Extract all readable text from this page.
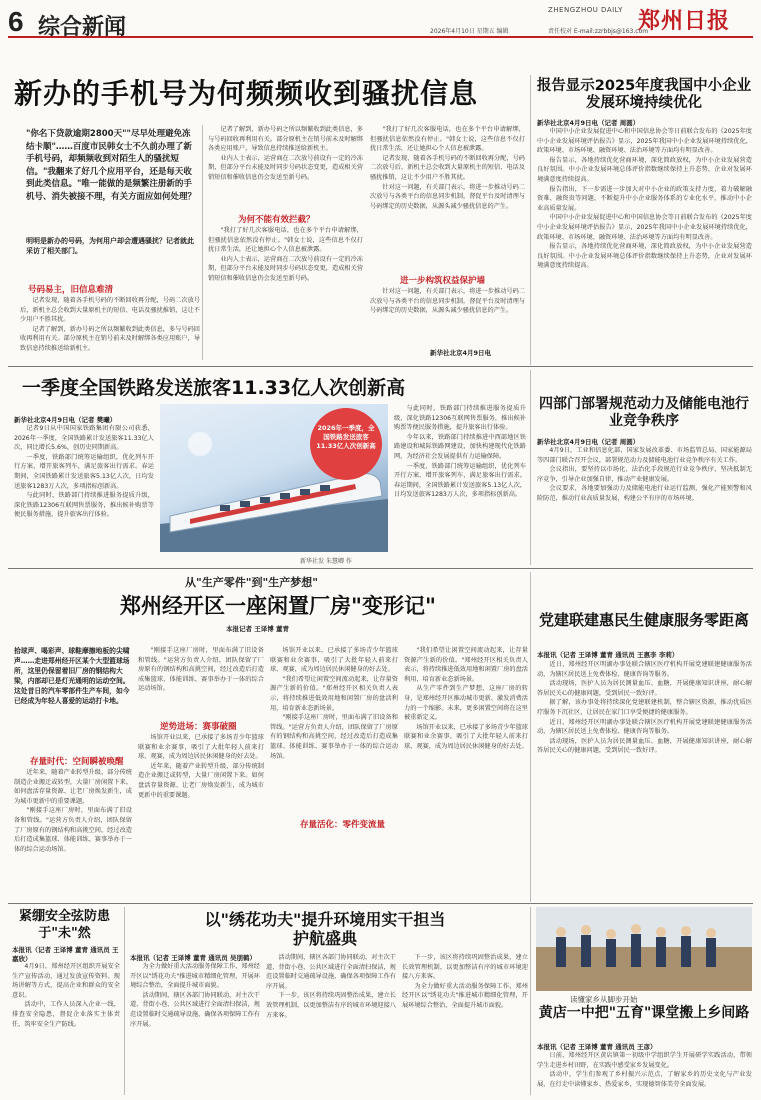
6 综合新闻
ZHENGZHOU DAILY 郑州日报
2026年4月10日 星期五 编辑	责任校对 E-mail:zzrbbjs@163.com
新办的手机号为何频频收到骚扰信息
"你名下贷款逾期2800天""尽早处理避免冻结卡顺"……百度市民韩女士不久前办理了新手机号码，却频频收到对陌生人的骚扰短信。"我翻来了好几个应用平台，还是每天收到此类信息。"唯一能做的是频繁注册新的手机号、消失被接不理，有关方面应如何处理？
明明是新办的号码，为何用户却会遭遇骚扰？记者就此采访了相关部门。
号码易主，旧信息难清

记者发现，随着各手机号码的不断回收再分配，号码二次放号后，新机主总会收到大量原机主的短信、电话及骚扰推销，这让不少用户不胜其扰。

记者了解到，新办号码之所以频繁收到此类信息，多与号码回收再利用有关。部分原机主在销号前未及时解绑各类应用账户，导致信息持续推送给新机主。

记者了解到，新办号码之所以频繁收到此类信息，多与号码回收再利用有关。部分原机主在销号前未及时解绑各类应用账户，导致信息持续推送给新机主。

业内人士表示，运营商在二次放号前设有一定的冷冻期，但部分平台未能及时同步号码状态变更，造成相关营销短信和催收信息仍会发送至新号码。

为何不能有效拦截？

"我打了好几次客服电话，也在多个平台申请解绑，但骚扰信息依然没有停止。"韩女士说，这些信息不仅打扰日常生活，还让她担心个人信息被泄露。

业内人士表示，运营商在二次放号前设有一定的冷冻期，但部分平台未能及时同步号码状态变更，造成相关营销短信和催收信息仍会发送至新号码。

"我打了好几次客服电话，也在多个平台申请解绑，但骚扰信息依然没有停止。"韩女士说，这些信息不仅打扰日常生活，还让她担心个人信息被泄露。

记者发现，随着各手机号码的不断回收再分配，号码二次放号后，新机主总会收到大量原机主的短信、电话及骚扰推销，这让不少用户不胜其扰。

针对这一问题，有关部门表示，将进一步推动号码二次放号与各类平台的信息同步机制，督促平台及时清理与号码绑定的历史数据，从源头减少骚扰信息的产生。

进一步构筑权益保护墙

针对这一问题，有关部门表示，将进一步推动号码二次放号与各类平台的信息同步机制，督促平台及时清理与号码绑定的历史数据，从源头减少骚扰信息的产生。

新华社北京4月9日电
报告显示2025年度我国中小企业发展环境持续优化
新华社北京4月9日电（记者 周圆）

中国中小企业发展促进中心和中国信息协会等日前联合发布的《2025年度中小企业发展环境评估报告》显示，2025年我国中小企业发展环境持续优化，政策环境、市场环境、融资环境、法治环境等方面均有明显改善。

报告显示，各地持续优化营商环境，深化简政放权，为中小企业发展营造良好氛围。中小企业发展环境总体评价指数继续保持上升态势，企业对发展环境满意度持续提高。

报告指出，下一步需进一步加大对中小企业的政策支持力度，着力破解融资难、融资贵等问题，不断提升中小企业服务体系的专业化水平，推动中小企业高质量发展。

中国中小企业发展促进中心和中国信息协会等日前联合发布的《2025年度中小企业发展环境评估报告》显示，2025年我国中小企业发展环境持续优化，政策环境、市场环境、融资环境、法治环境等方面均有明显改善。

报告显示，各地持续优化营商环境，深化简政放权，为中小企业发展营造良好氛围。中小企业发展环境总体评价指数继续保持上升态势，企业对发展环境满意度持续提高。

一季度全国铁路发送旅客11.33亿人次创新高
新华社北京4月9日电（记者 樊曦）

记者9日从中国国家铁路集团有限公司获悉，2026年一季度，全国铁路累计发送旅客11.33亿人次，同比增长5.6%，创历史同期新高。

一季度，铁路部门统筹运输组织，优化列车开行方案，增开旅客列车，满足旅客出行需求。春运期间，全国铁路累计发送旅客5.13亿人次，日均发送旅客1283万人次，多项指标创新高。

与此同时，铁路部门持续推进服务提质升级，深化铁路12306互联网售票服务，推出候补购票等便民服务措施，提升旅客出行体验。

2026年一季度，全国铁路发送旅客11.33亿人次创新高
新华社发 朱慧卿 作

与此同时，铁路部门持续推进服务提质升级，深化铁路12306互联网售票服务，推出候补购票等便民服务措施，提升旅客出行体验。

今年以来，铁路部门持续推进中西部地区铁路建设和城际铁路网建设，加快构建现代化铁路网，为经济社会发展提供有力运输保障。

一季度，铁路部门统筹运输组织，优化列车开行方案，增开旅客列车，满足旅客出行需求。春运期间，全国铁路累计发送旅客5.13亿人次，日均发送旅客1283万人次，多项指标创新高。

四部门部署规范动力及储能电池行业竞争秩序
新华社北京4月9日电（记者 周圆）

4月9日，工业和信息化部、国家发展改革委、市场监管总局、国家能源局等四部门联合召开会议，部署规范动力及储能电池行业竞争秩序有关工作。

会议指出，要坚持以市场化、法治化手段规范行业竞争秩序，坚决抵制无序竞争，引导企业加强自律，推动产业健康发展。

会议要求，各地要加强动力及储能电池行业运行监测，强化产能预警和风险防范，推动行业高质量发展，构建公平有序的市场环境。

从"生产零件"到"生产梦想"
郑州经开区一座闲置厂房"变形记"
本报记者 王译博 董青
拾球声、喝彩声、球鞋摩擦地板的尖啸声……走进郑州经开区某个大型篮球场所，这里仍保留着旧厂房的钢结构大梁，内部却已是灯光通明的运动空间。这处昔日的汽车零部件生产车间，如今已经成为年轻人喜爱的运动打卡地。
存量时代：空间瞬被唤醒

近年来，随着产业转型升级，部分传统制造企业搬迁或转型，大量厂房闲置下来。如何盘活存量资源、让老厂房焕发新生，成为城市更新中的重要课题。

"刚接手这座厂房时，里面布满了旧设备和管线。"运营方负责人介绍，团队保留了厂房原有的钢结构和高挑空间，经过改造后打造成集篮球、体能训练、赛事举办于一体的综合运动场馆。

"刚接手这座厂房时，里面布满了旧设备和管线。"运营方负责人介绍，团队保留了厂房原有的钢结构和高挑空间，经过改造后打造成集篮球、体能训练、赛事举办于一体的综合运动场馆。

逆势进场：赛事破圈

场馆开业以来，已承接了多场青少年篮球联赛和业余赛事，吸引了大批年轻人前来打球、观赛，成为周边居民休闲健身的好去处。

近年来，随着产业转型升级，部分传统制造企业搬迁或转型，大量厂房闲置下来。如何盘活存量资源、让老厂房焕发新生，成为城市更新中的重要课题。

场馆开业以来，已承接了多场青少年篮球联赛和业余赛事，吸引了大批年轻人前来打球、观赛，成为周边居民休闲健身的好去处。

"我们希望让闲置空间流动起来，让存量资源产生新的价值。"郑州经开区相关负责人表示，将持续推进低效用地和闲置厂房的盘活利用，培育新业态新场景。

"刚接手这座厂房时，里面布满了旧设备和管线。"运营方负责人介绍，团队保留了厂房原有的钢结构和高挑空间，经过改造后打造成集篮球、体能训练、赛事举办于一体的综合运动场馆。

存量活化：零件变流量

"我们希望让闲置空间流动起来，让存量资源产生新的价值。"郑州经开区相关负责人表示，将持续推进低效用地和闲置厂房的盘活利用，培育新业态新场景。

从生产零件到生产梦想，这座厂房的转身，是郑州经开区推动城市更新、激发消费活力的一个缩影。未来，更多闲置空间将在这里被重新定义。

场馆开业以来，已承接了多场青少年篮球联赛和业余赛事，吸引了大批年轻人前来打球、观赛，成为周边居民休闲健身的好去处。

党建联建惠民生健康服务零距离
本报讯（记者 王译博 董青 通讯员 王惠李 李莉）

近日，郑州经开区明湖办事处联合辖区医疗机构开展党建联建健康服务活动，为辖区居民送上免费体检、健康咨询等服务。

活动现场，医护人员为居民测量血压、血糖，开展健康知识讲座，耐心解答居民关心的健康问题，受到居民一致好评。

据了解，该办事处将持续深化党建联建机制，整合辖区资源，推动优质医疗服务下沉社区，让居民在家门口享受便捷的健康服务。

近日，郑州经开区明湖办事处联合辖区医疗机构开展党建联建健康服务活动，为辖区居民送上免费体检、健康咨询等服务。

活动现场，医护人员为居民测量血压、血糖，开展健康知识讲座，耐心解答居民关心的健康问题，受到居民一致好评。

紧绷安全弦防患于"未"然
本报讯（记者 王译博 董青 通讯员 王嘉欣）

4月9日，郑州经开区组织开展安全生产宣传活动，通过发放宣传资料、现场讲解等方式，提高企业和群众的安全意识。

活动中，工作人员深入企业一线，排查安全隐患，督促企业落实主体责任，筑牢安全生产防线。

以"绣花功夫"提升环境用实干担当护航盛典
本报讯（记者 王译博 董青 通讯员 吴朋鹤）

为全力做好重大活动服务保障工作，郑州经开区以"绣花功夫"推进城市精细化管理，开展环境综合整治，全面提升城市面貌。

活动期间，辖区各部门协同联动，对主次干道、背街小巷、公共区域进行全面清扫保洁，规范设置临时交通疏导设施，确保各项保障工作有序开展。

活动期间，辖区各部门协同联动，对主次干道、背街小巷、公共区域进行全面清扫保洁，规范设置临时交通疏导设施，确保各项保障工作有序开展。

下一步，该区将持续巩固整治成果，建立长效管理机制，以更加整洁有序的城市环境迎接八方来客。

下一步，该区将持续巩固整治成果，建立长效管理机制，以更加整洁有序的城市环境迎接八方来客。

为全力做好重大活动服务保障工作，郑州经开区以"绣花功夫"推进城市精细化管理，开展环境综合整治，全面提升城市面貌。

读懂家乡从脚步开始
黄店一中把"五育"课堂搬上乡间路
本报讯（记者 王译博 董青 通讯员 王彦）

日前，郑州经开区黄店镇第一初级中学组织学生开展研学实践活动，带领学生走进乡村田野，在实践中感受家乡发展变化。

活动中，学生们参观了乡村振兴示范点，了解家乡的历史文化与产业发展，在行走中读懂家乡、热爱家乡，实现德智体美劳全面发展。
